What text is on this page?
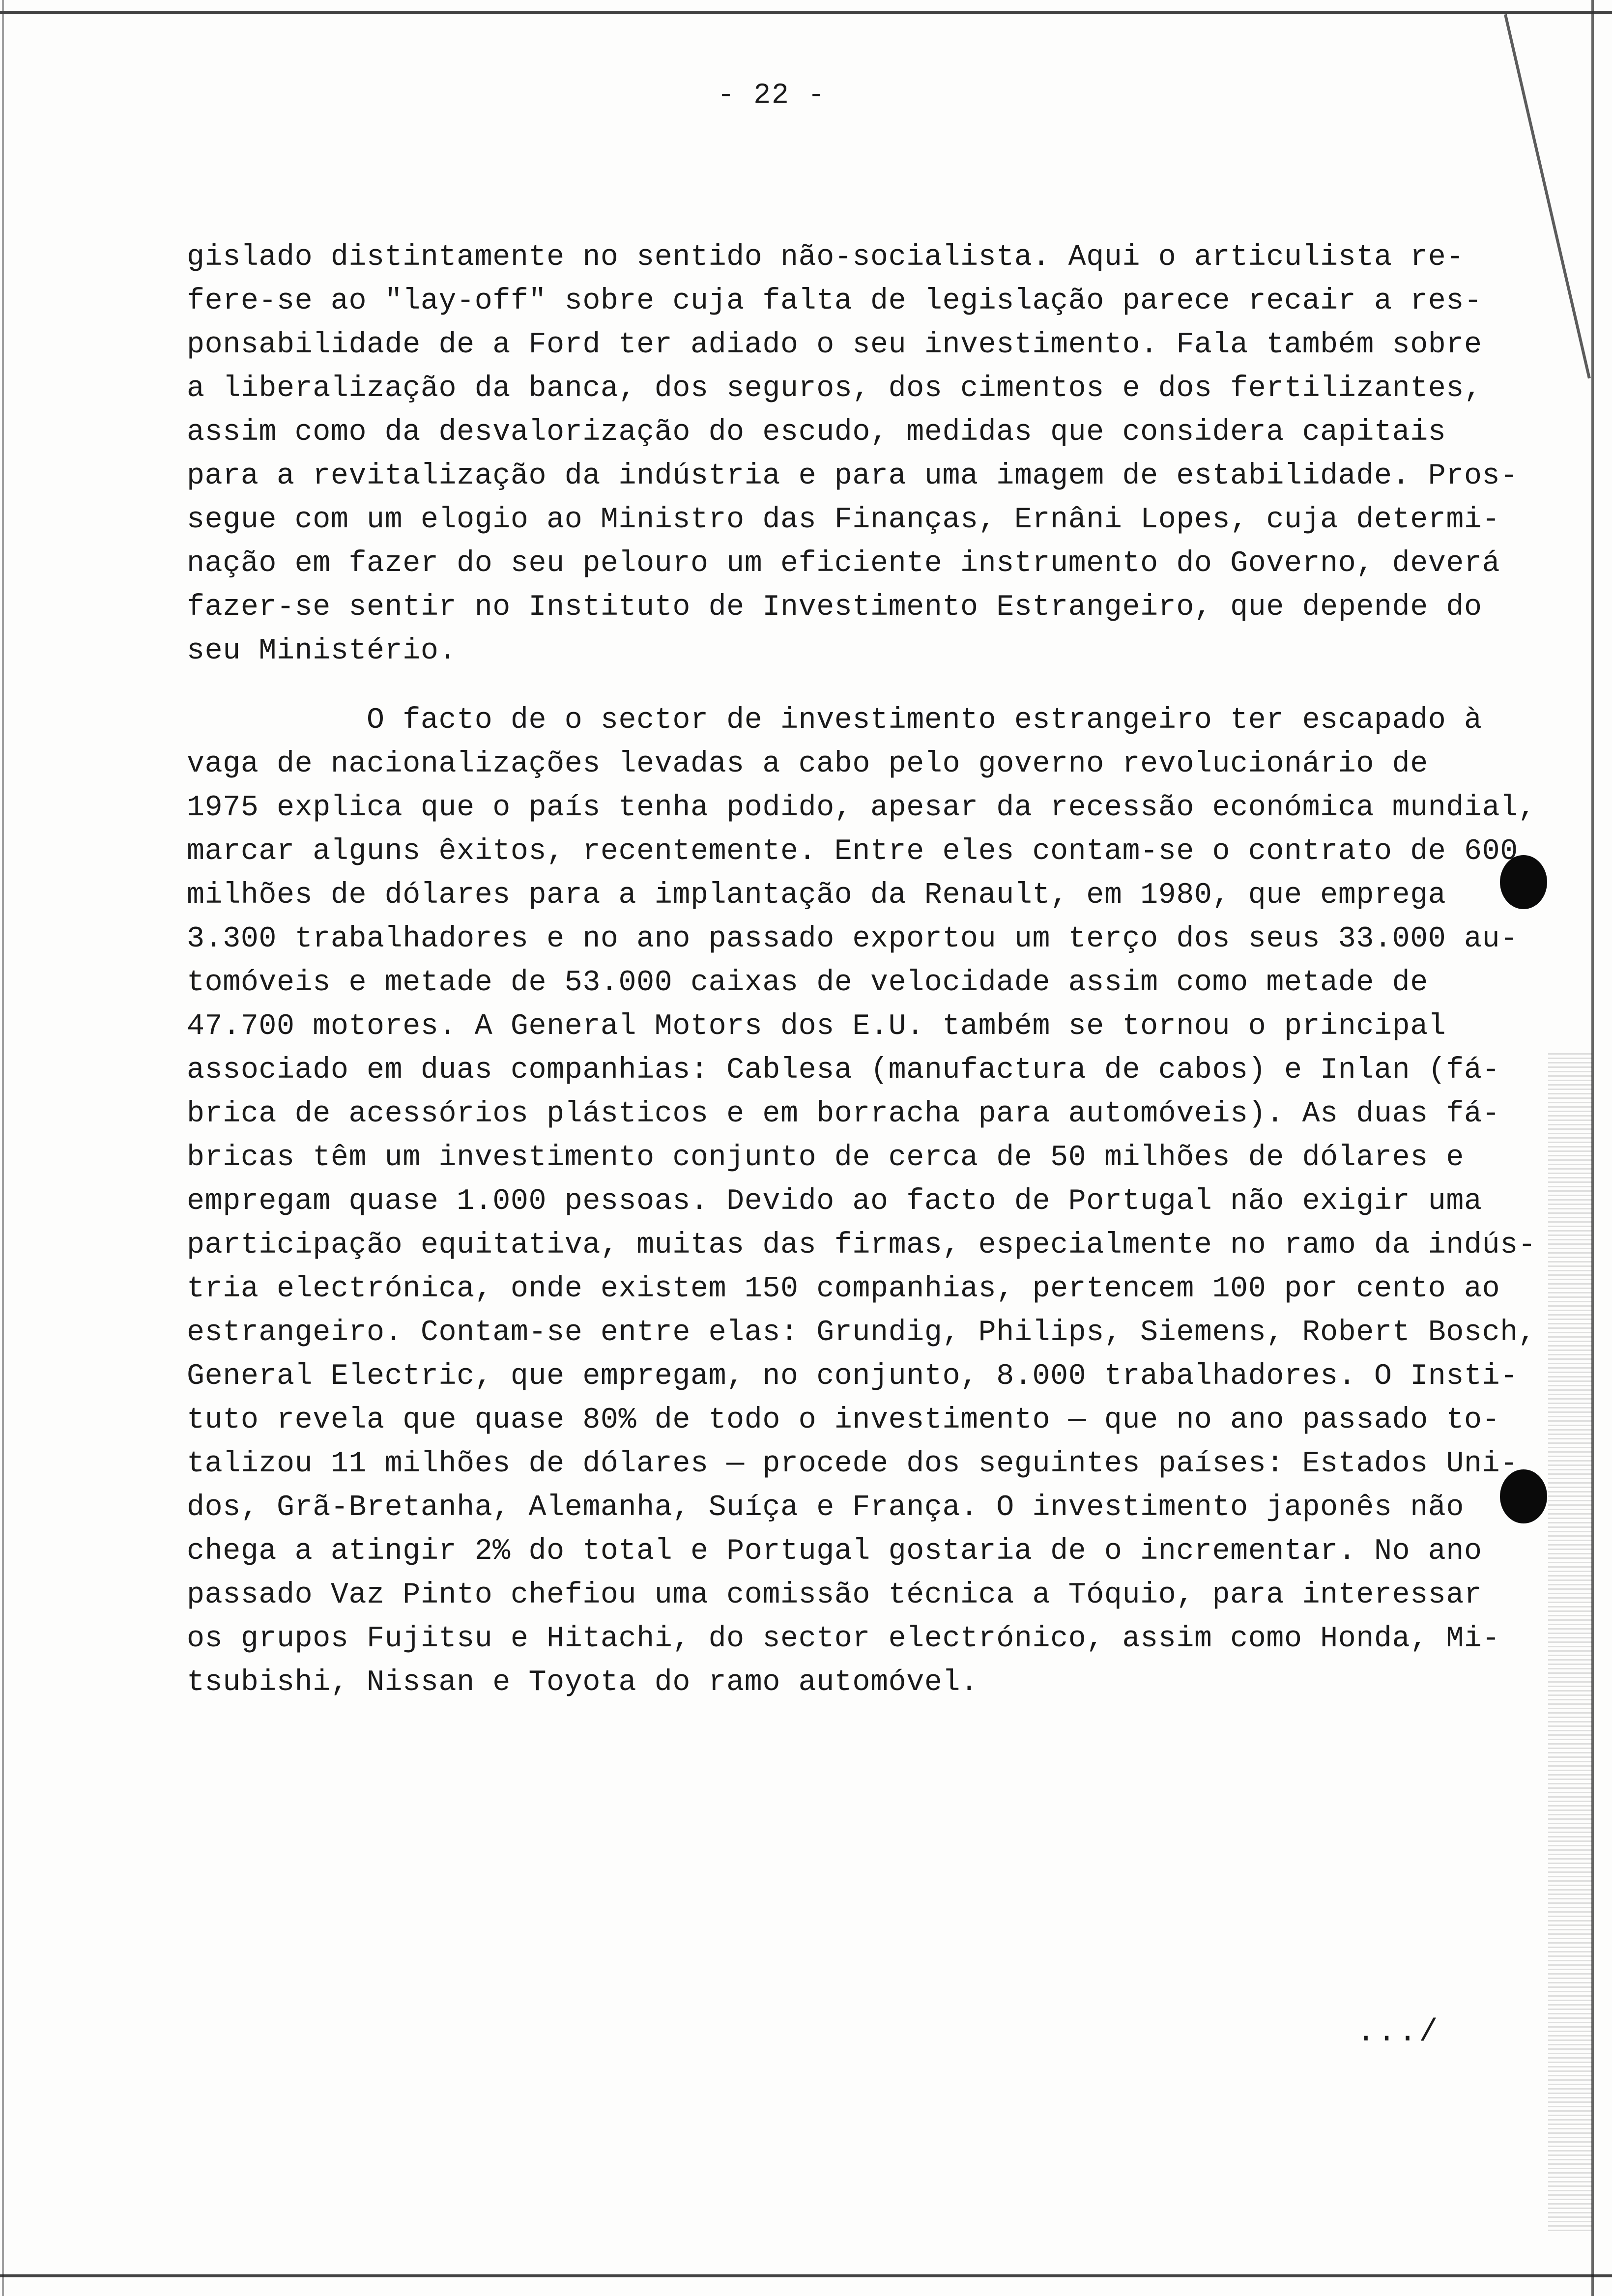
- 22 -
gislado distintamente no sentido não-socialista. Aqui o articulista re-
fere-se ao "lay-off" sobre cuja falta de legislação parece recair a res-
ponsabilidade de a Ford ter adiado o seu investimento. Fala também sobre
a liberalização da banca, dos seguros, dos cimentos e dos fertilizantes,
assim como da desvalorização do escudo, medidas que considera capitais
para a revitalização da indústria e para uma imagem de estabilidade. Pros-
segue com um elogio ao Ministro das Finanças, Ernâni Lopes, cuja determi-
nação em fazer do seu pelouro um eficiente instrumento do Governo, deverá
fazer-se sentir no Instituto de Investimento Estrangeiro, que depende do
seu Ministério.
O facto de o sector de investimento estrangeiro ter escapado à
vaga de nacionalizações levadas a cabo pelo governo revolucionário de
1975 explica que o país tenha podido, apesar da recessão económica mundial,
marcar alguns êxitos, recentemente. Entre eles contam-se o contrato de 600
milhões de dólares para a implantação da Renault, em 1980, que emprega
3.300 trabalhadores e no ano passado exportou um terço dos seus 33.000 au-
tomóveis e metade de 53.000 caixas de velocidade assim como metade de
47.700 motores. A General Motors dos E.U. também se tornou o principal
associado em duas companhias: Cablesa (manufactura de cabos) e Inlan (fá-
brica de acessórios plásticos e em borracha para automóveis). As duas fá-
bricas têm um investimento conjunto de cerca de 50 milhões de dólares e
empregam quase 1.000 pessoas. Devido ao facto de Portugal não exigir uma
participação equitativa, muitas das firmas, especialmente no ramo da indús-
tria electrónica, onde existem 150 companhias, pertencem 100 por cento ao
estrangeiro. Contam-se entre elas: Grundig, Philips, Siemens, Robert Bosch,
General Electric, que empregam, no conjunto, 8.000 trabalhadores. O Insti-
tuto revela que quase 80% de todo o investimento — que no ano passado to-
talizou 11 milhões de dólares — procede dos seguintes países: Estados Uni-
dos, Grã-Bretanha, Alemanha, Suíça e França. O investimento japonês não
chega a atingir 2% do total e Portugal gostaria de o incrementar. No ano
passado Vaz Pinto chefiou uma comissão técnica a Tóquio, para interessar
os grupos Fujitsu e Hitachi, do sector electrónico, assim como Honda, Mi-
tsubishi, Nissan e Toyota do ramo automóvel.
.../
